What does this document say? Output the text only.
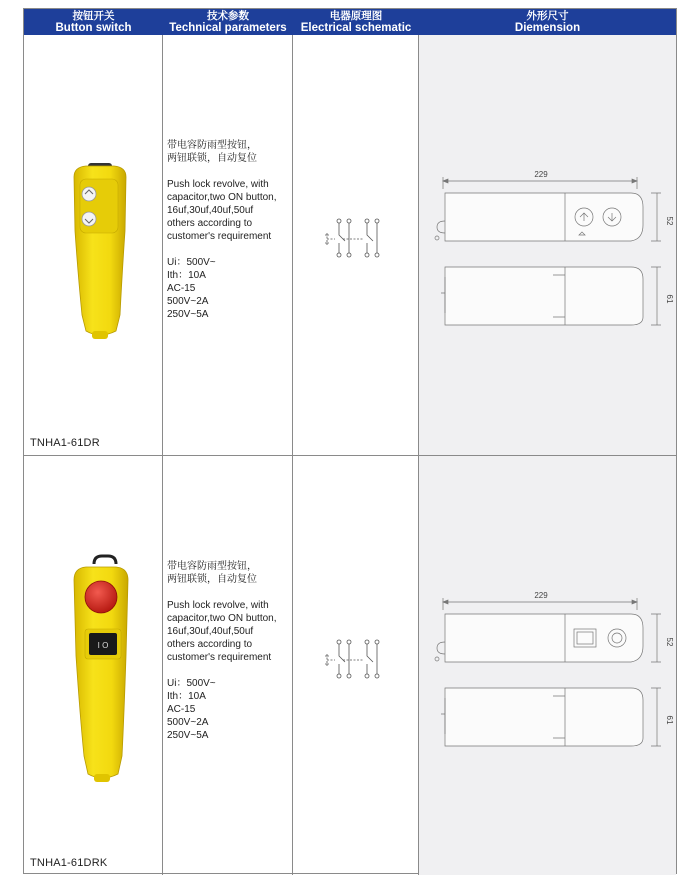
按钮开关
Button switch
技术参数
Technical parameters
电器原理图
Electrical schematic
外形尺寸
Diemension
TNHA1-61DR

带电容防雨型按钮，

两钮联锁，自动复位

Push lock revolve, with

capacitor,two ON button,

16uf,30uf,40uf,50uf

others according to

customer's requirement

Ui：500V~

Ith：10A

AC-15

500V~2A

250V~5A

229
52
61
I O
TNHA1-61DRK

带电容防雨型按钮，

两钮联锁，自动复位

Push lock revolve, with

capacitor,two ON button,

16uf,30uf,40uf,50uf

others according to

customer's requirement

Ui：500V~

Ith：10A

AC-15

500V~2A

250V~5A

229
52
61
